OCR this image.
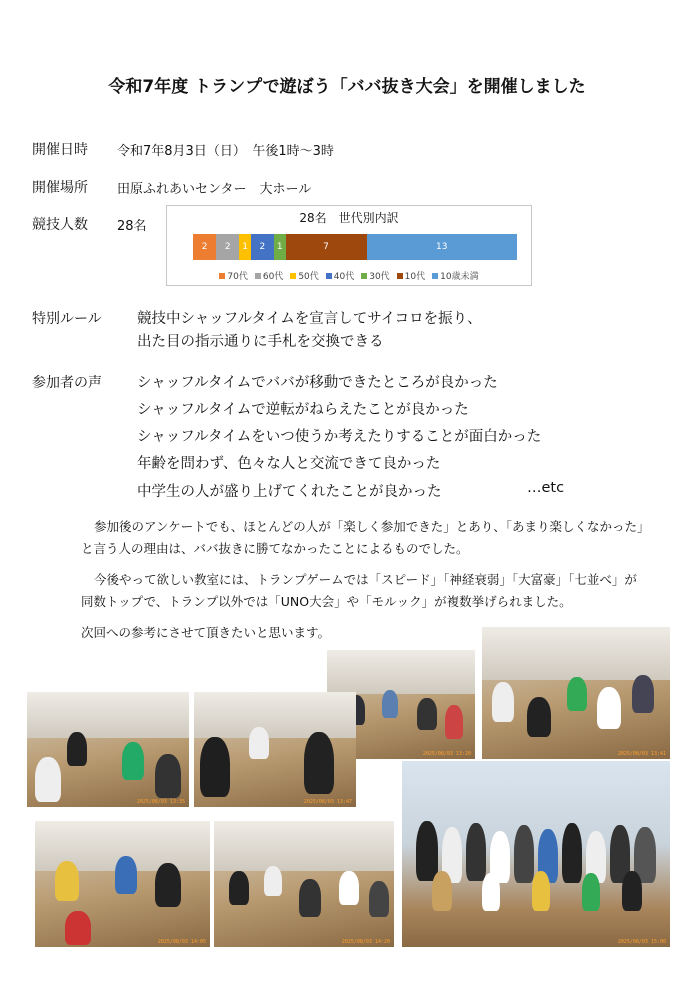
令和7年度 トランプで遊ぼう「ババ抜き大会」を開催しました
開催日時 令和7年8月3日（日）　午後1時～3時
開催場所 田原ふれあいセンター　大ホール
競技人数 28名
28名　世代別内訳
2	2	1	2	1	7	13
70代 60代 50代 40代 30代 10代 10歳未満
特別ルール 競技中シャッフルタイムを宣言してサイコロを振り、
出た目の指示通りに手札を交換できる
参加者の声 シャッフルタイムでババが移動できたところが良かった
シャッフルタイムで逆転がねらえたことが良かった
シャッフルタイムをいつ使うか考えたりすることが面白かった
年齢を問わず、色々な人と交流できて良かった
中学生の人が盛り上げてくれたことが良かった	…etc
参加後のアンケートでも、ほとんどの人が「楽しく参加できた」とあり、「あまり楽しくなかった」と言う人の理由は、ババ抜きに勝てなかったことによるものでした。
今後やって欲しい教室には、トランプゲームでは「スピード」「神経衰弱」「大富豪」「七並べ」が同数トップで、トランプ以外では「UNO大会」や「モルック」が複数挙げられました。
次回への参考にさせて頂きたいと思います。
2025/08/03 13:20	2025/08/03 13:41
2025/08/03 13:35	2025/08/03 13:47
2025/08/03 14:05	2025/08/03 14:20	2025/08/03 15:00
